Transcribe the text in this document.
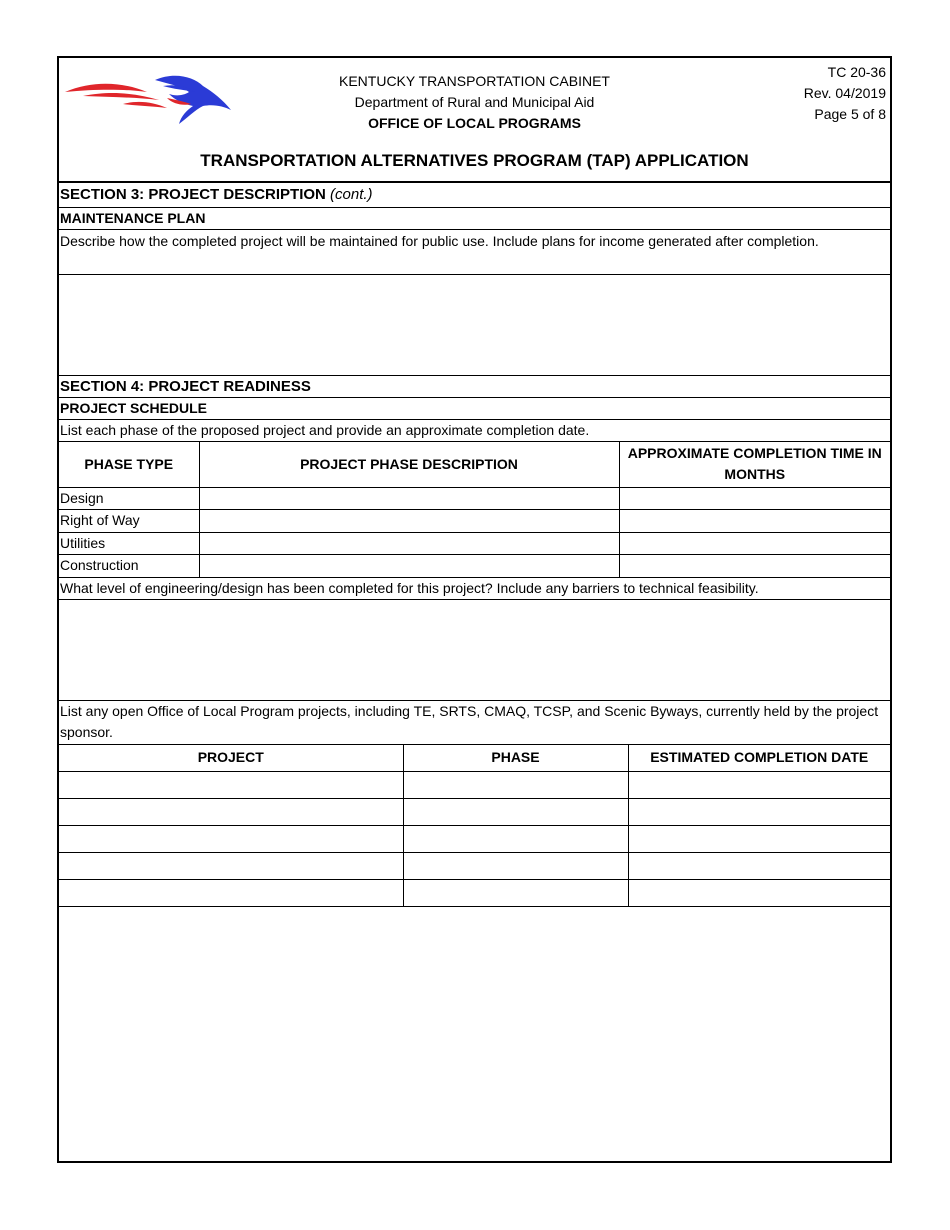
KENTUCKY TRANSPORTATION CABINET
Department of Rural and Municipal Aid
OFFICE OF LOCAL PROGRAMS
TC 20-36
Rev. 04/2019
Page 5 of 8
TRANSPORTATION ALTERNATIVES PROGRAM (TAP) APPLICATION
SECTION 3: PROJECT DESCRIPTION (cont.)
MAINTENANCE PLAN
Describe how the completed project will be maintained for public use. Include plans for income generated after completion.
SECTION 4: PROJECT READINESS
PROJECT SCHEDULE
List each phase of the proposed project and provide an approximate completion date.
PHASE TYPE	PROJECT PHASE DESCRIPTION	APPROXIMATE COMPLETION TIME IN MONTHS
Design		
Right of Way		
Utilities		
Construction		
What level of engineering/design has been completed for this project? Include any barriers to technical feasibility.
List any open Office of Local Program projects, including TE, SRTS, CMAQ, TCSP, and Scenic Byways, currently held by the project sponsor.
PROJECT	PHASE	ESTIMATED COMPLETION DATE
